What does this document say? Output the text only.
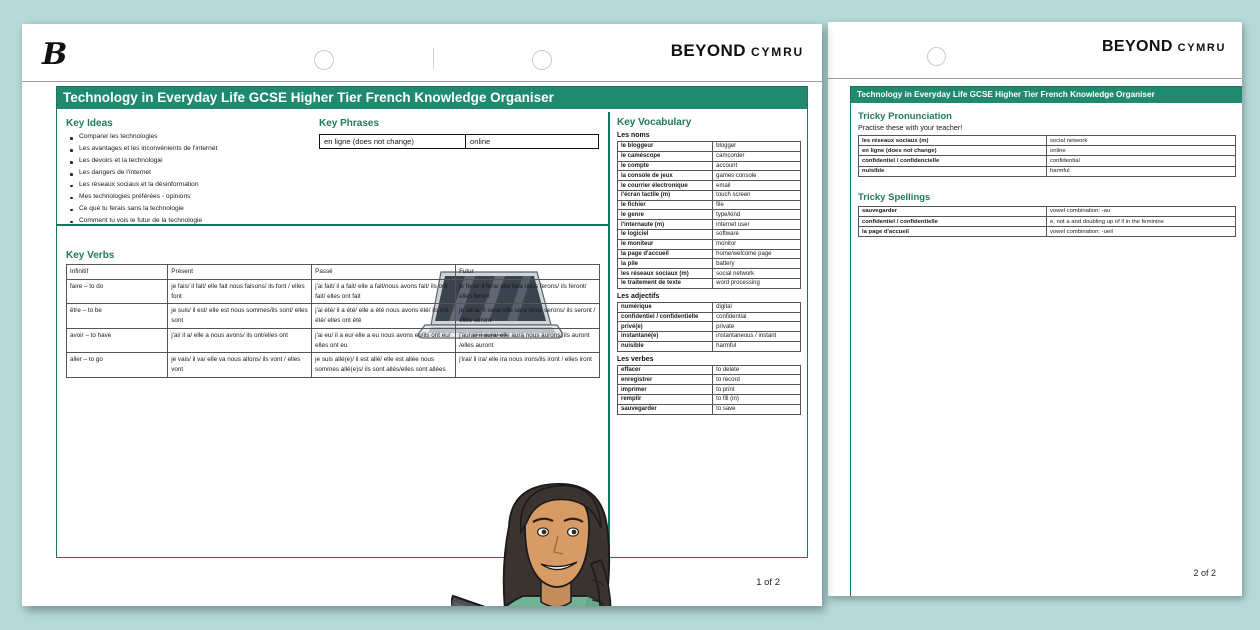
BEYOND CYMRU
Technology in Everyday Life GCSE Higher Tier French Knowledge Organiser
Tricky Pronunciation
Practise these with your teacher!
les réseaux sociaux (m)	social network
en ligne (does not change)	online
confidentiel / confidencielle	confidential
nuisible	harmful
Tricky Spellings
sauvegarder	vowel combination: -au
confidentiel / confidentielle	e, not a and doubling up of ll in the feminine
la page d'accueil	vowel combination: -ueil
2 of 2
B	BEYOND CYMRU
Technology in Everyday Life GCSE Higher Tier French Knowledge Organiser
Key Ideas
Comparer les technologies
Les avantages et les inconvénients de l'internet
Les devoirs et la technologie
Les dangers de l'internet
Les réseaux sociaux et la désinformation
Mes technologies préférées - opinions
Ce que tu ferais sans la technologie
Comment tu vois le futur de la technologie
Key Phrases
en ligne (does not change)	online
Key Verbs
Infinitif	Présent	Passé	Futur
faire – to do	je fais/ il fait/ elle fait nous faisons/ ils font / elles font	j'ai fait/ il a fait/ elle a fait/nous avons fait/ ils ont fait/ elles ont fait	je ferai/ il fera/ elle fera nous ferons/ ils feront/ elles feront
être – to be	je suis/ il est/ elle est nous sommes/ils sont/ elles sont	j'ai été/ il a été/ elle a été nous avons été/ ils ont été/ elles ont été	je serai/ il sera/ elle sera nous serons/ ils seront / elles seront
avoir – to have	j'ai/ il a/ elle a nous avons/ ils ont/elles ont	j'ai eu/ il a eu/ elle a eu nous avons eu/ils ont eu/ elles ont eu	j'aurai/ il aura/ elle aura nous aurons/ ils auront /elles auront
aller – to go	je vais/ il va/ elle va nous allons/ ils vont / elles vont	je suis allé(e)/ il est allé/ elle est allée nous sommes allé(e)s/ ils sont allés/elles sont allées	j'irai/ il ira/ elle ira nous irons/ils iront / elles iront
Key Vocabulary
Les noms
le bloggeur	blogger
le caméscope	camcorder
le compte	account
la console de jeux	games console
le courrier électronique	email
l'écran tactile (m)	touch screen
le fichier	file
le genre	type/kind
l'internaute (m)	internet user
le logiciel	software
le moniteur	monitor
la page d'accueil	home/welcome page
la pile	battery
les réseaux sociaux (m)	social network
le traitement de texte	word processing
Les adjectifs
numérique	digital
confidentiel / confidentielle	confidential
privé(e)	private
instantané(e)	instantaneous / instant
nuisible	harmful
Les verbes
effacer	to delete
enregistrer	to record
imprimer	to print
remplir	to fill (in)
sauvegarder	to save
1 of 2
